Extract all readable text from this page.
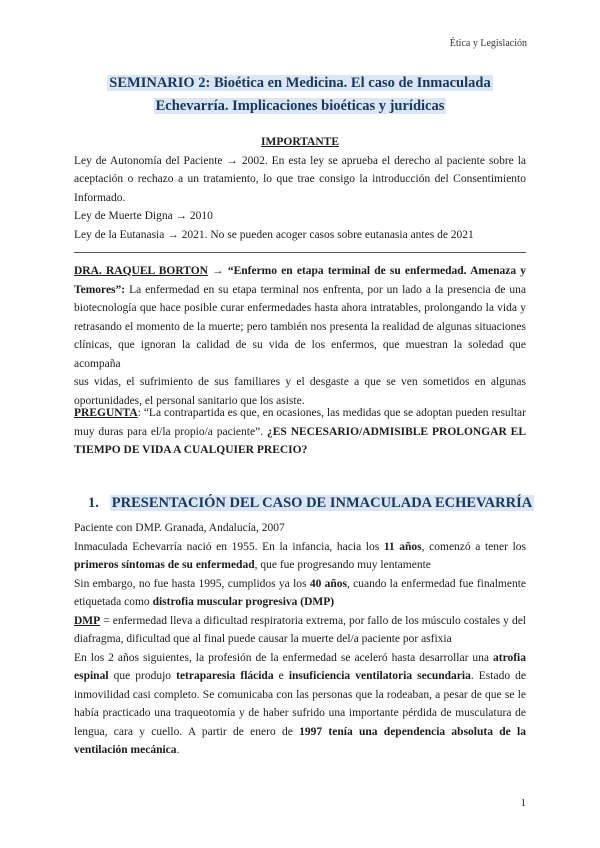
Ética y Legislación
SEMINARIO 2: Bioética en Medicina. El caso de Inmaculada
Echevarría. Implicaciones bioéticas y jurídicas
IMPORTANTE
Ley de Autonomía del Paciente → 2002. En esta ley se aprueba el derecho al paciente sobre la
aceptación o rechazo a un tratamiento, lo que trae consigo la introducción del Consentimiento
Informado.
Ley de Muerte Digna → 2010
Ley de la Eutanasia → 2021. No se pueden acoger casos sobre eutanasia antes de 2021
DRA. RAQUEL BORTON → “Enfermo en etapa terminal de su enfermedad. Amenaza y
Temores”: La enfermedad en su etapa terminal nos enfrenta, por un lado a la presencia de una
biotecnología que hace posible curar enfermedades hasta ahora intratables, prolongando la vida y
retrasando el momento de la muerte; pero también nos presenta la realidad de algunas situaciones
clínicas, que ignoran la calidad de su vida de los enfermos, que muestran la soledad que acompaña
sus vidas, el sufrimiento de sus familiares y el desgaste a que se ven sometidos en algunas
oportunidades, el personal sanitario que los asiste.
PREGUNTA: “La contrapartida es que, en ocasiones, las medidas que se adoptan pueden resultar
muy duras para el/la propio/a paciente”. ¿ES NECESARIO/ADMISIBLE PROLONGAR EL
TIEMPO DE VIDA A CUALQUIER PRECIO?
1. PRESENTACIÓN DEL CASO DE INMACULADA ECHEVARRÍA
Paciente con DMP. Granada, Andalucía, 2007
Inmaculada Echevarría nació en 1955. En la infancia, hacia los 11 años, comenzó a tener los
primeros síntomas de su enfermedad, que fue progresando muy lentamente
Sin embargo, no fue hasta 1995, cumplidos ya los 40 años, cuando la enfermedad fue finalmente
etiquetada como distrofia muscular progresiva (DMP)
DMP = enfermedad lleva a dificultad respiratoria extrema, por fallo de los músculo costales y del
diafragma, dificultad que al final puede causar la muerte del/a paciente por asfixia
En los 2 años siguientes, la profesión de la enfermedad se aceleró hasta desarrollar una atrofia
espinal que produjo tetraparesia flácida e insuficiencia ventilatoria secundaria. Estado de
inmovilidad casi completo. Se comunicaba con las personas que la rodeaban, a pesar de que se le
había practicado una traqueotomía y de haber sufrido una importante pérdida de musculatura de
lengua, cara y cuello. A partir de enero de 1997 tenía una dependencia absoluta de la
ventilación mecánica.
1
